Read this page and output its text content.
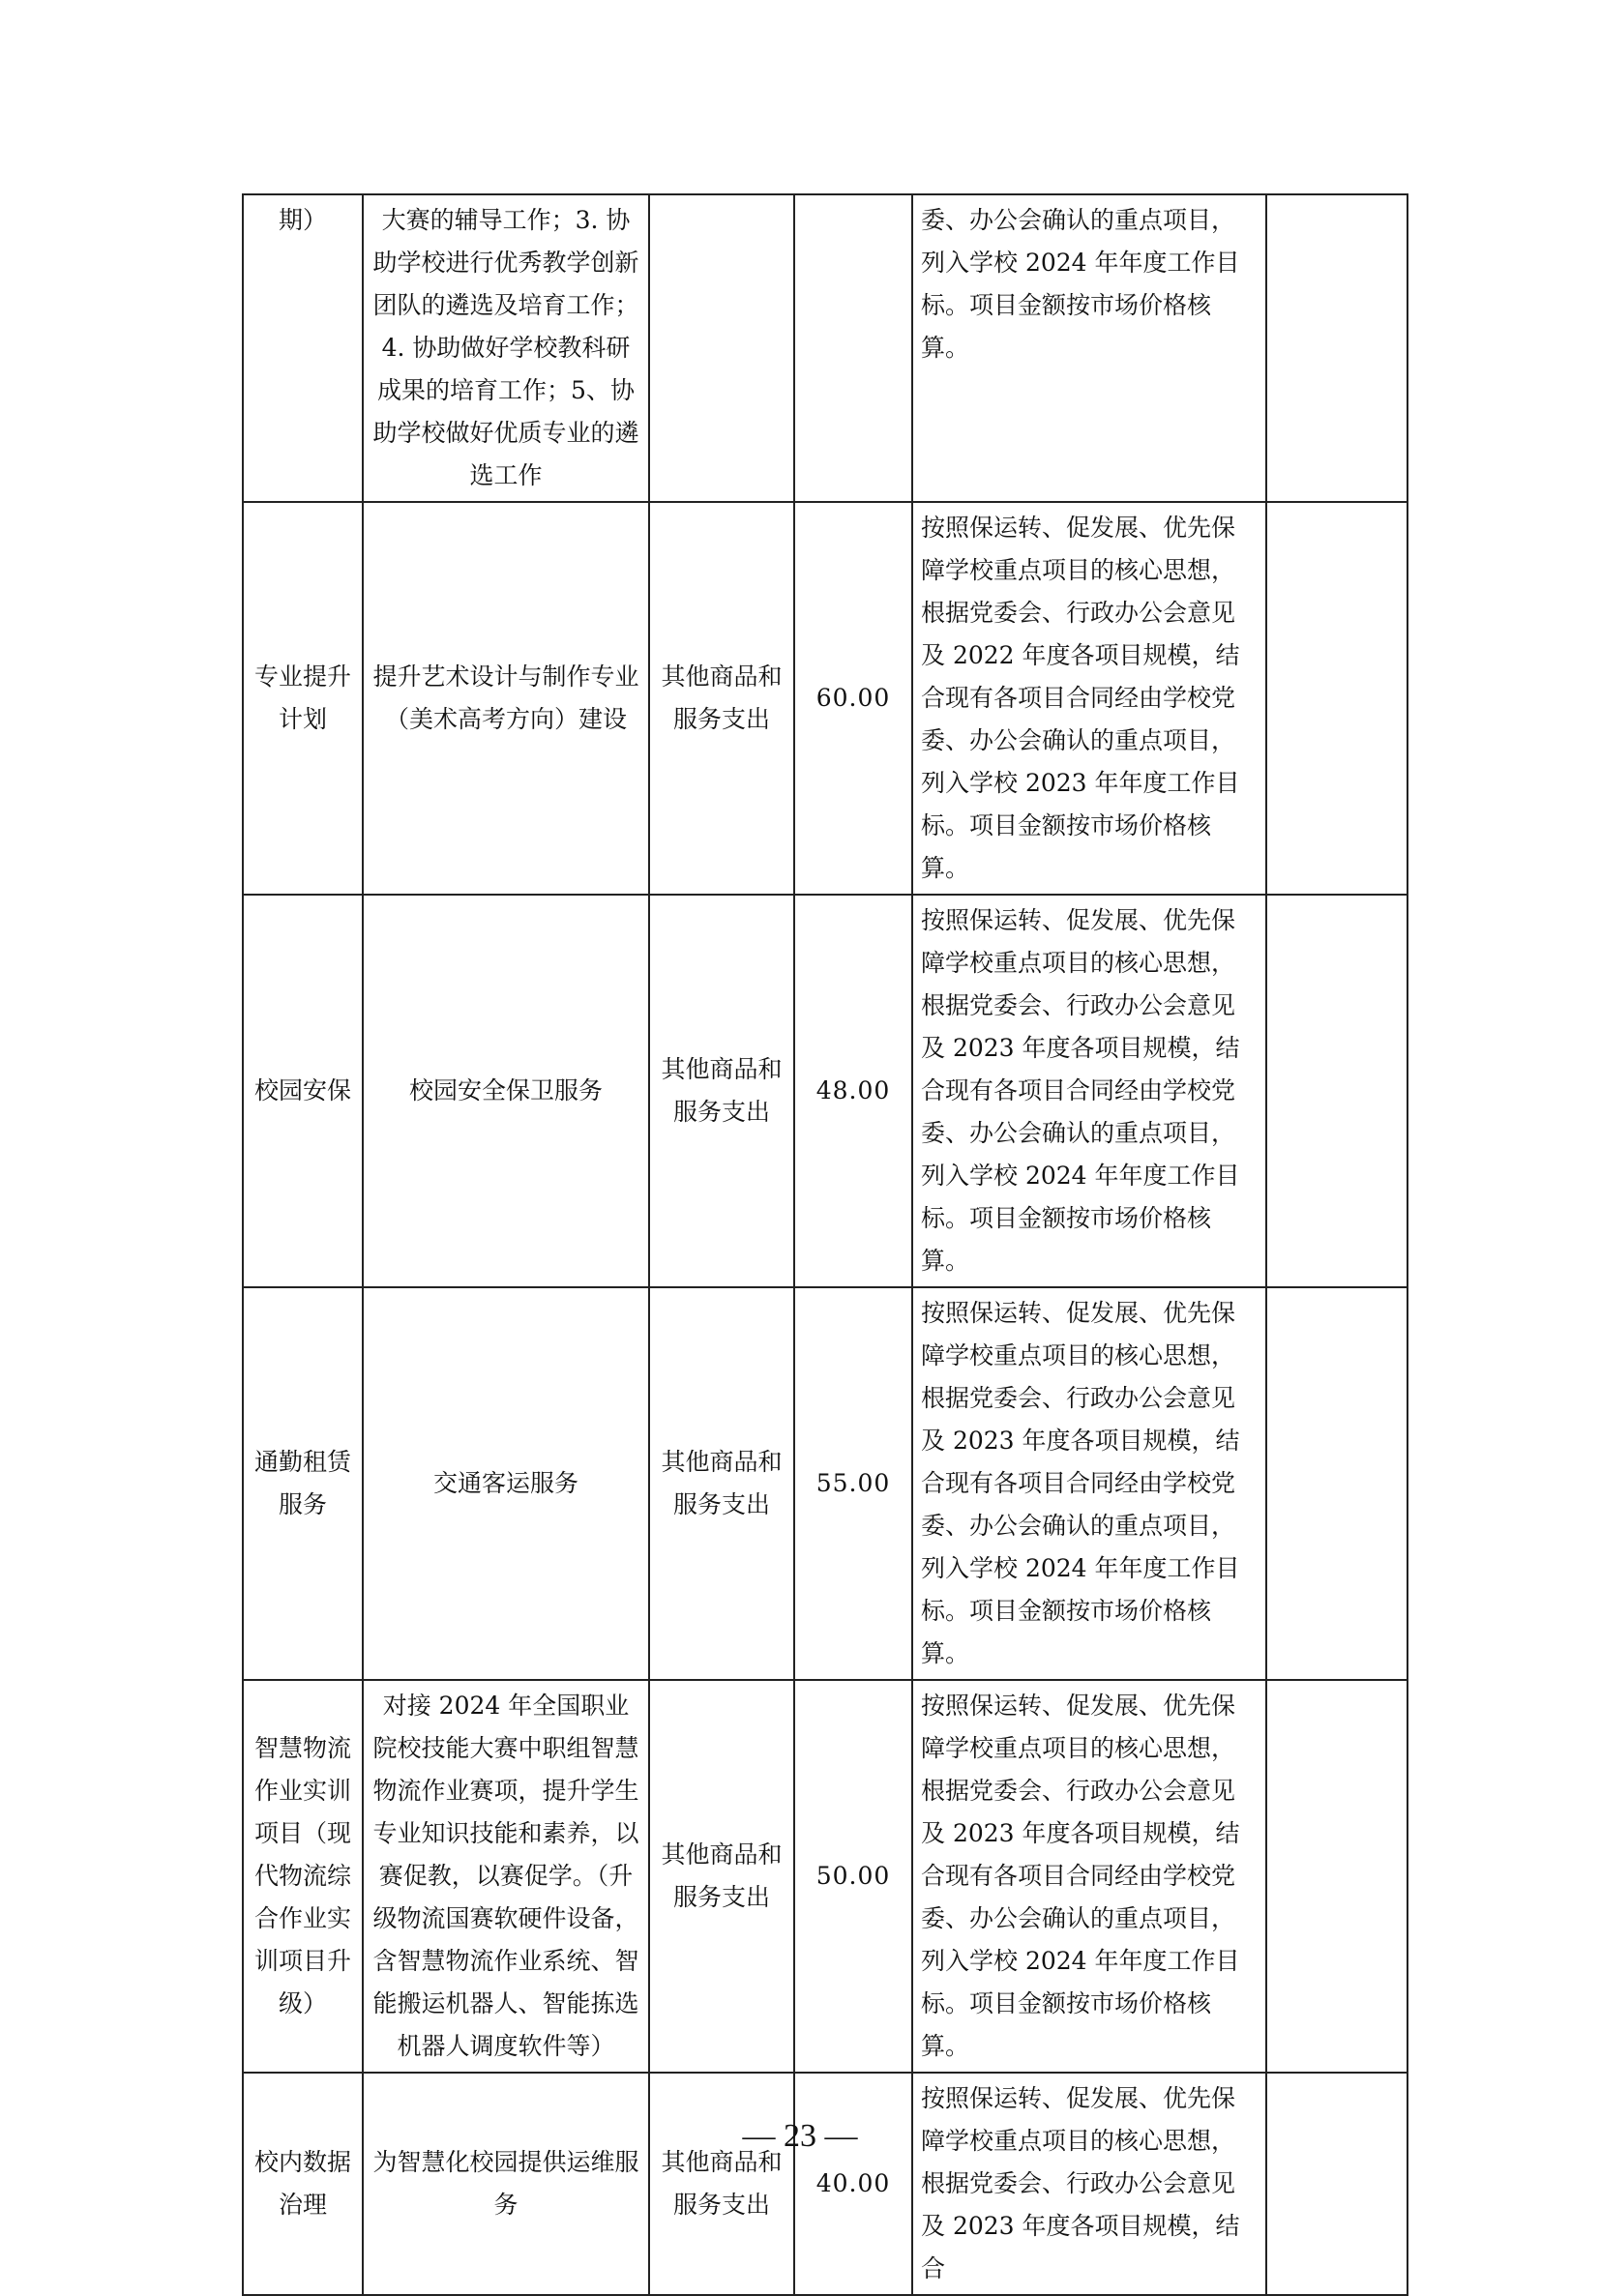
期）	大赛的辅导工作；3. 协助学校进行优秀教学创新团队的遴选及培育工作；4. 协助做好学校教科研成果的培育工作；5、协助学校做好优质专业的遴选工作			委、办公会确认的重点项目，列入学校 2024 年年度工作目标。项目金额按市场价格核算。	
专业提升计划	提升艺术设计与制作专业（美术高考方向）建设	其他商品和服务支出	60.00	按照保运转、促发展、优先保障学校重点项目的核心思想，根据党委会、行政办公会意见及 2022 年度各项目规模，结合现有各项目合同经由学校党委、办公会确认的重点项目，列入学校 2023 年年度工作目标。项目金额按市场价格核算。	
校园安保	校园安全保卫服务	其他商品和服务支出	48.00	按照保运转、促发展、优先保障学校重点项目的核心思想，根据党委会、行政办公会意见及 2023 年度各项目规模，结合现有各项目合同经由学校党委、办公会确认的重点项目，列入学校 2024 年年度工作目标。项目金额按市场价格核算。	
通勤租赁服务	交通客运服务	其他商品和服务支出	55.00	按照保运转、促发展、优先保障学校重点项目的核心思想，根据党委会、行政办公会意见及 2023 年度各项目规模，结合现有各项目合同经由学校党委、办公会确认的重点项目，列入学校 2024 年年度工作目标。项目金额按市场价格核算。	
智慧物流作业实训项目（现代物流综合作业实训项目升级）	对接 2024 年全国职业院校技能大赛中职组智慧物流作业赛项，提升学生专业知识技能和素养，以赛促教，以赛促学。（升级物流国赛软硬件设备，含智慧物流作业系统、智能搬运机器人、智能拣选机器人调度软件等）	其他商品和服务支出	50.00	按照保运转、促发展、优先保障学校重点项目的核心思想，根据党委会、行政办公会意见及 2023 年度各项目规模，结合现有各项目合同经由学校党委、办公会确认的重点项目，列入学校 2024 年年度工作目标。项目金额按市场价格核算。	
校内数据治理	为智慧化校园提供运维服务	其他商品和服务支出	40.00	按照保运转、促发展、优先保障学校重点项目的核心思想，根据党委会、行政办公会意见及 2023 年度各项目规模，结合	
— 23 —
